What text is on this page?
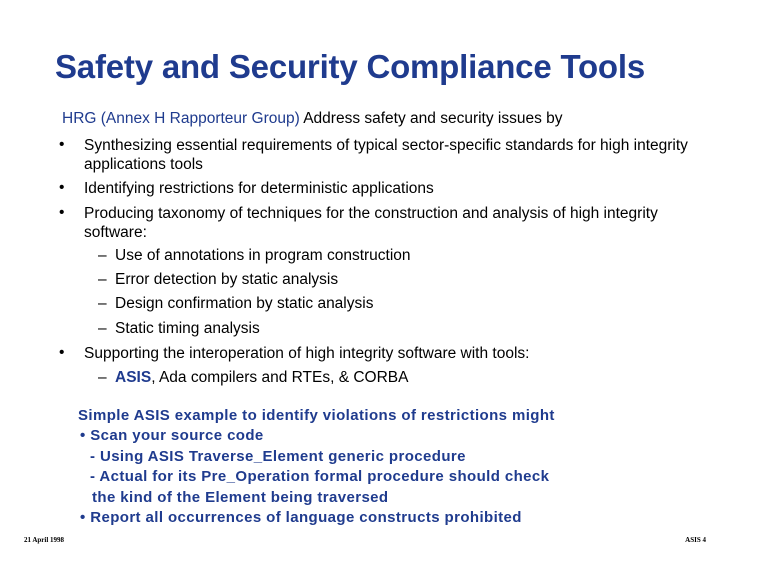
Safety and Security Compliance Tools
HRG (Annex H Rapporteur Group) Address safety and security issues by
• Synthesizing essential requirements of typical sector-specific standards for high integrity applications tools
• Identifying restrictions for deterministic applications
• Producing taxonomy of techniques for the construction and analysis of high integrity software:
– Use of annotations in program construction
– Error detection by static analysis
– Design confirmation by static analysis
– Static timing analysis
• Supporting the interoperation of high integrity software with tools:
– ASIS, Ada compilers and RTEs, & CORBA
Simple ASIS example to identify violations of restrictions might
• Scan your source code
- Using ASIS Traverse_Element generic procedure
- Actual for its Pre_Operation formal procedure should check
the kind of the Element being traversed
• Report all occurrences of language constructs prohibited
21 April 1998	ASIS 4
